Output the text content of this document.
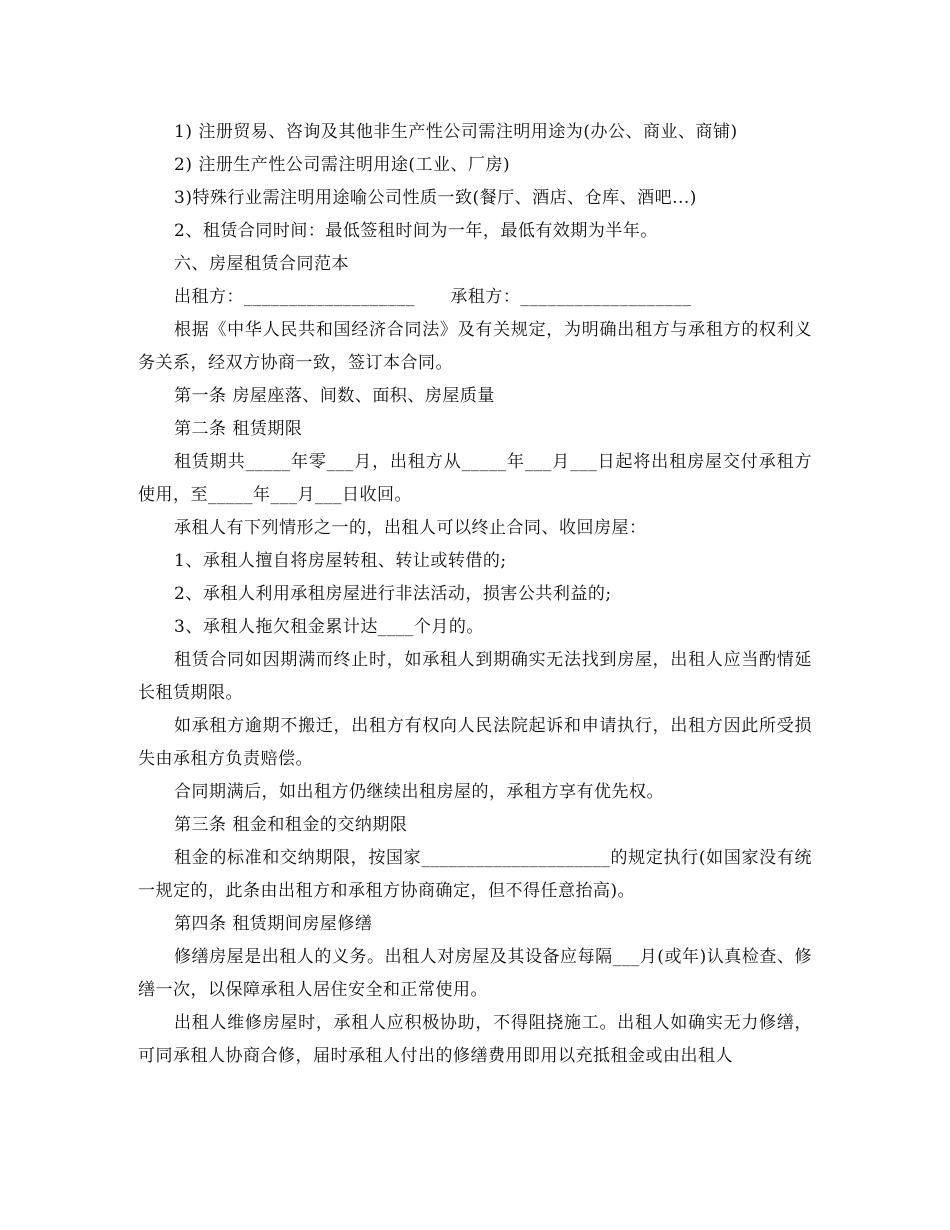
1) 注册贸易、咨询及其他非生产性公司需注明用途为(办公、商业、商铺)

2) 注册生产性公司需注明用途(工业、厂房)

3)特殊行业需注明用途喻公司性质一致(餐厅、酒店、仓库、酒吧...)

2、租赁合同时间：最低签租时间为一年，最低有效期为半年。

六、房屋租赁合同范本

出租方：___________________      承租方：___________________

根据《中华人民共和国经济合同法》及有关规定，为明确出租方与承租方的权利义务关系，经双方协商一致，签订本合同。

第一条 房屋座落、间数、面积、房屋质量

第二条 租赁期限

租赁期共_____年零___月，出租方从_____年___月___日起将出租房屋交付承租方使用，至_____年___月___日收回。

承租人有下列情形之一的，出租人可以终止合同、收回房屋：

1、承租人擅自将房屋转租、转让或转借的;

2、承租人利用承租房屋进行非法活动，损害公共利益的;

3、承租人拖欠租金累计达____个月的。

租赁合同如因期满而终止时，如承租人到期确实无法找到房屋，出租人应当酌情延长租赁期限。

如承租方逾期不搬迁，出租方有权向人民法院起诉和申请执行，出租方因此所受损失由承租方负责赔偿。

合同期满后，如出租方仍继续出租房屋的，承租方享有优先权。

第三条 租金和租金的交纳期限

租金的标准和交纳期限，按国家_____________________的规定执行(如国家没有统一规定的，此条由出租方和承租方协商确定，但不得任意抬高)。

第四条 租赁期间房屋修缮

修缮房屋是出租人的义务。出租人对房屋及其设备应每隔___月(或年)认真检查、修缮一次，以保障承租人居住安全和正常使用。

出租人维修房屋时，承租人应积极协助，不得阻挠施工。出租人如确实无力修缮，可同承租人协商合修，届时承租人付出的修缮费用即用以充抵租金或由出租人
